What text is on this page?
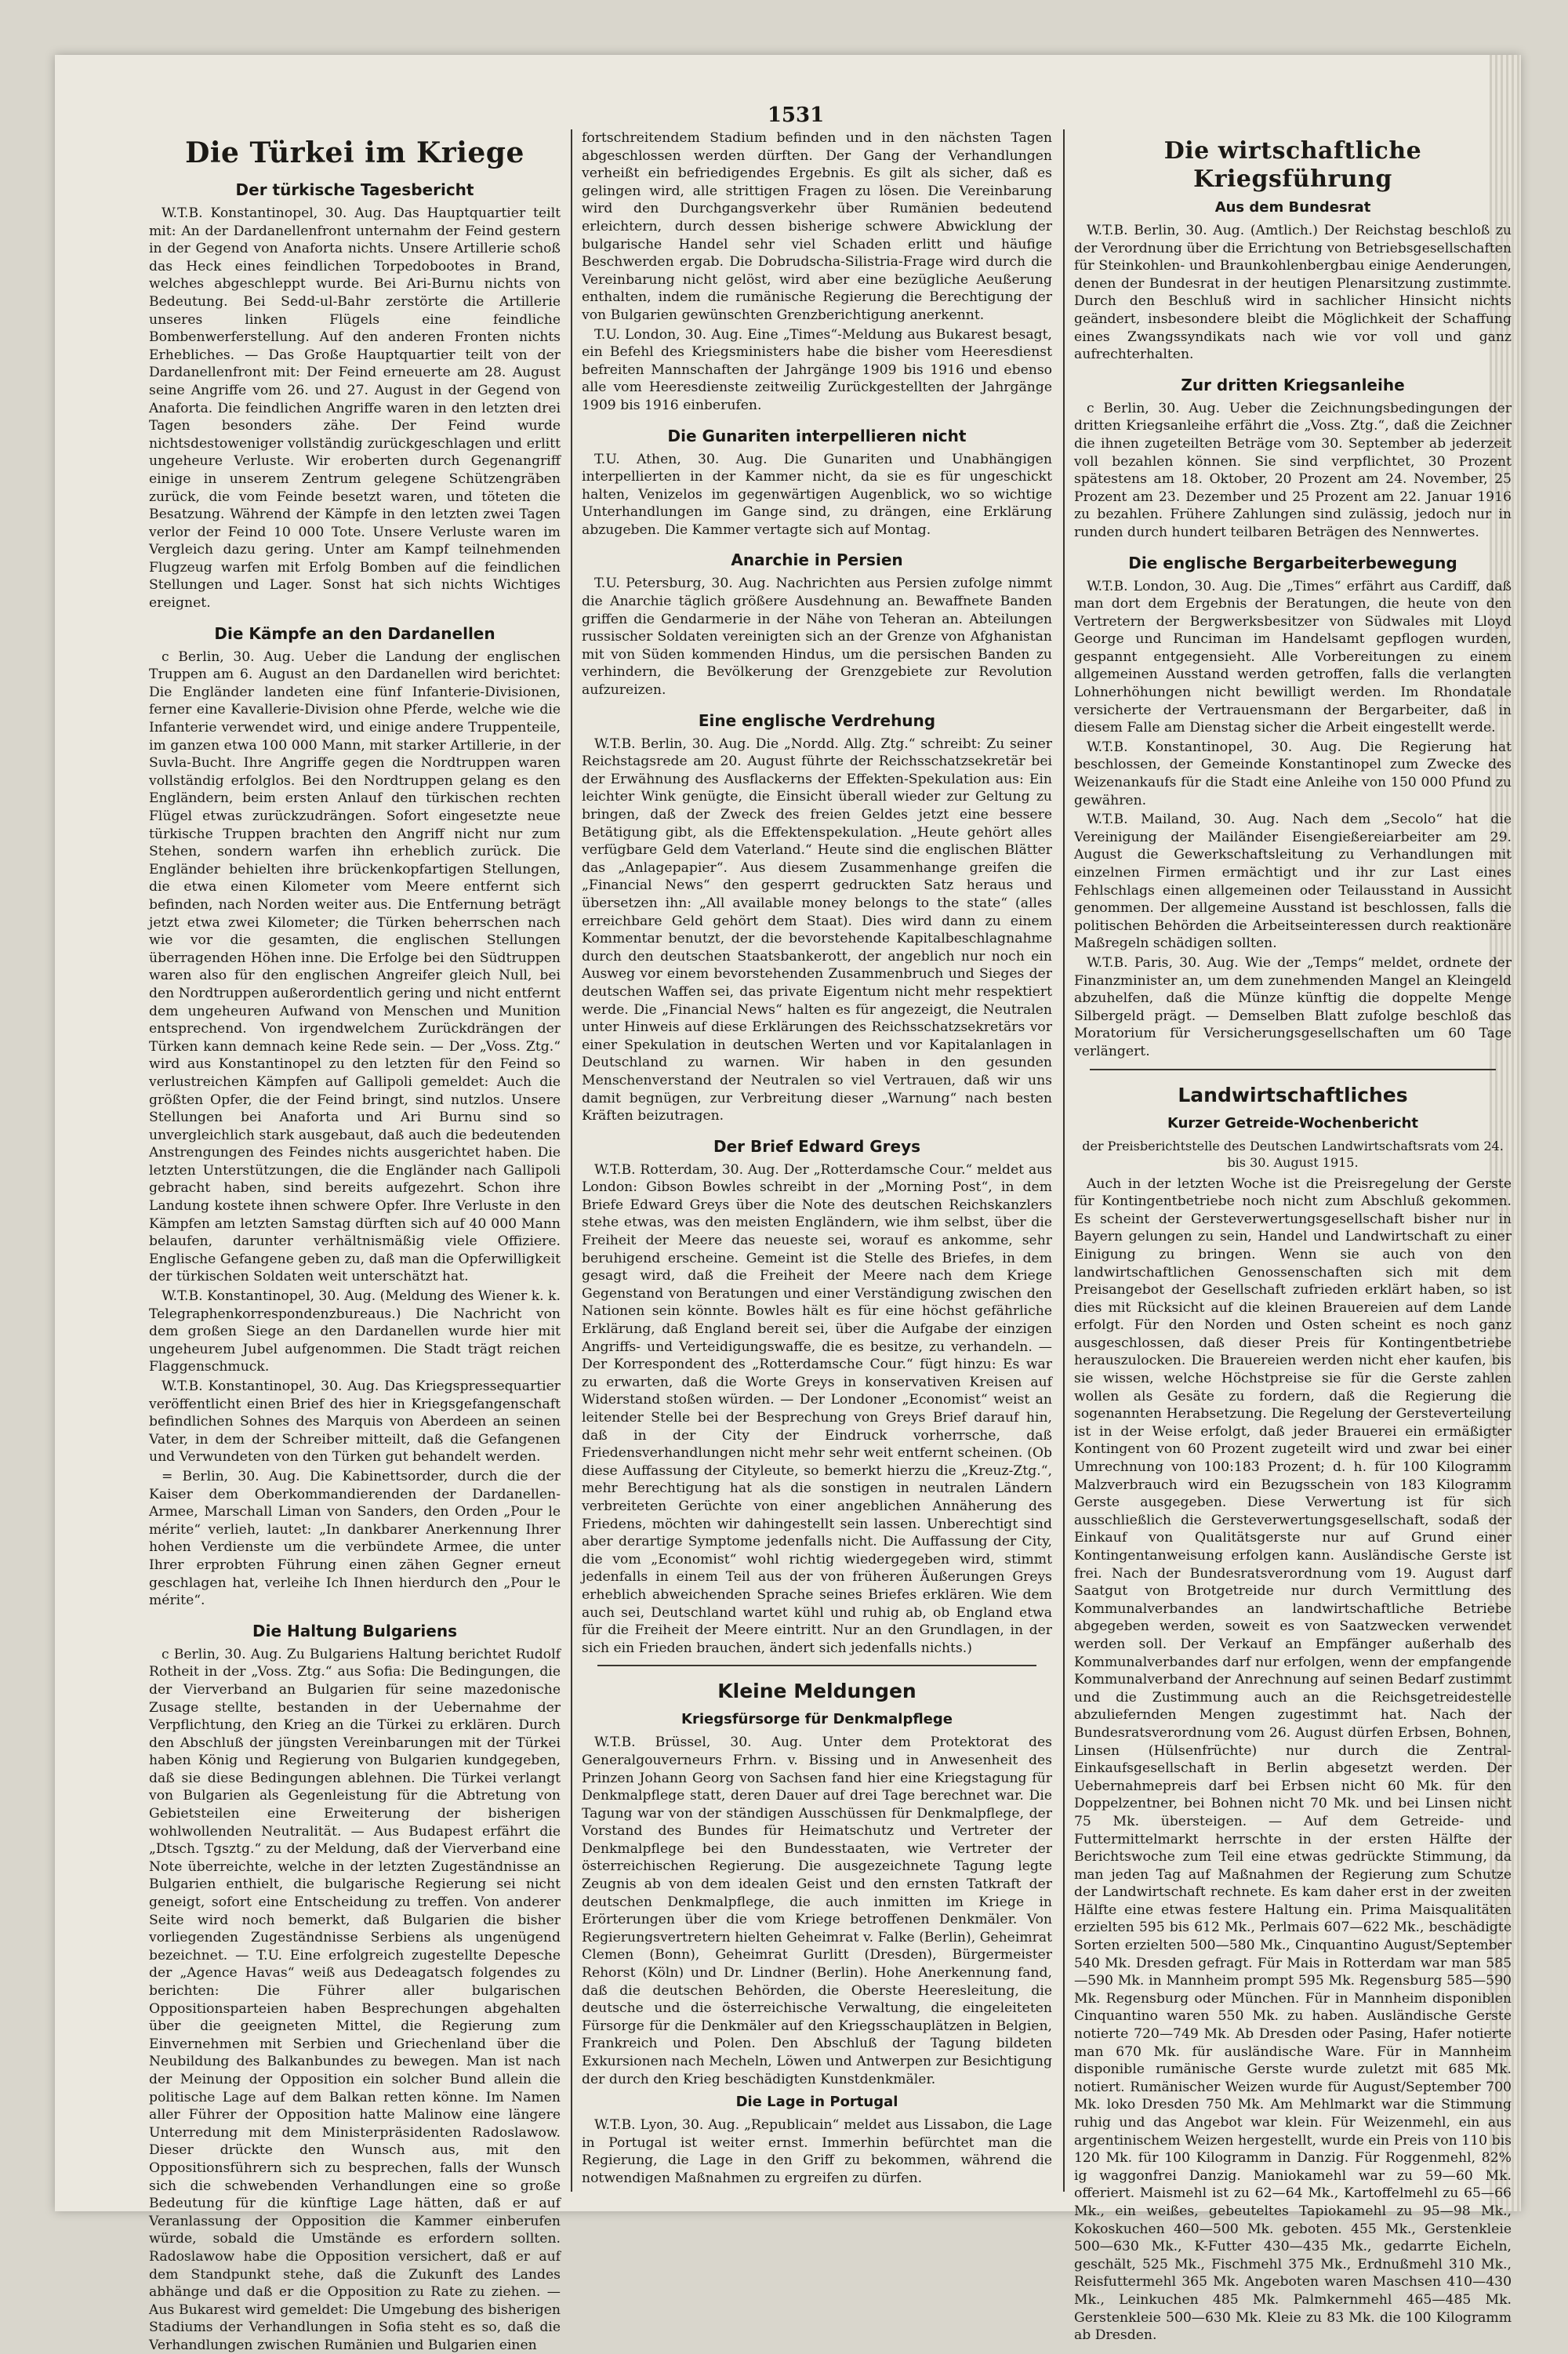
1531
Die Türkei im Kriege
Der türkische Tagesbericht

W.T.B. Konstantinopel, 30. Aug. Das Hauptquartier teilt mit: An der Dardanellenfront unternahm der Feind gestern in der Gegend von Anaforta nichts. Unsere Artillerie schoß das Heck eines feindlichen Torpedobootes in Brand, welches abgeschleppt wurde. Bei Ari-Burnu nichts von Bedeutung. Bei Sedd-ul-Bahr zerstörte die Artillerie unseres linken Flügels eine feindliche Bombenwerferstellung. Auf den anderen Fronten nichts Erhebliches. — Das Große Hauptquartier teilt von der Dardanellenfront mit: Der Feind erneuerte am 28. August seine Angriffe vom 26. und 27. August in der Gegend von Anaforta. Die feindlichen Angriffe waren in den letzten drei Tagen besonders zähe. Der Feind wurde nichtsdestoweniger vollständig zurückgeschlagen und erlitt ungeheure Verluste. Wir eroberten durch Gegenangriff einige in unserem Zentrum gelegene Schützengräben zurück, die vom Feinde besetzt waren, und töteten die Besatzung. Während der Kämpfe in den letzten zwei Tagen verlor der Feind 10 000 Tote. Unsere Verluste waren im Vergleich dazu gering. Unter am Kampf teilnehmenden Flugzeug warfen mit Erfolg Bomben auf die feindlichen Stellungen und Lager. Sonst hat sich nichts Wichtiges ereignet.

Die Kämpfe an den Dardanellen

c Berlin, 30. Aug. Ueber die Landung der englischen Truppen am 6. August an den Dardanellen wird berichtet: Die Engländer landeten eine fünf Infanterie-Divisionen, ferner eine Kavallerie-Division ohne Pferde, welche wie die Infanterie verwendet wird, und einige andere Truppenteile, im ganzen etwa 100 000 Mann, mit starker Artillerie, in der Suvla-Bucht. Ihre Angriffe gegen die Nordtruppen waren vollständig erfolglos. Bei den Nordtruppen gelang es den Engländern, beim ersten Anlauf den türkischen rechten Flügel etwas zurückzudrängen. Sofort eingesetzte neue türkische Truppen brachten den Angriff nicht nur zum Stehen, sondern warfen ihn erheblich zurück. Die Engländer behielten ihre brückenkopfartigen Stellungen, die etwa einen Kilometer vom Meere entfernt sich befinden, nach Norden weiter aus. Die Entfernung beträgt jetzt etwa zwei Kilometer; die Türken beherrschen nach wie vor die gesamten, die englischen Stellungen überragenden Höhen inne. Die Erfolge bei den Südtruppen waren also für den englischen Angreifer gleich Null, bei den Nordtruppen außerordentlich gering und nicht entfernt dem ungeheuren Aufwand von Menschen und Munition entsprechend. Von irgendwelchem Zurückdrängen der Türken kann demnach keine Rede sein. — Der „Voss. Ztg.“ wird aus Konstantinopel zu den letzten für den Feind so verlustreichen Kämpfen auf Gallipoli gemeldet: Auch die größten Opfer, die der Feind bringt, sind nutzlos. Unsere Stellungen bei Anaforta und Ari Burnu sind so unvergleichlich stark ausgebaut, daß auch die bedeutenden Anstrengungen des Feindes nichts ausgerichtet haben. Die letzten Unterstützungen, die die Engländer nach Gallipoli gebracht haben, sind bereits aufgezehrt. Schon ihre Landung kostete ihnen schwere Opfer. Ihre Verluste in den Kämpfen am letzten Samstag dürften sich auf 40 000 Mann belaufen, darunter verhältnismäßig viele Offiziere. Englische Gefangene geben zu, daß man die Opferwilligkeit der türkischen Soldaten weit unterschätzt hat.

W.T.B. Konstantinopel, 30. Aug. (Meldung des Wiener k. k. Telegraphenkorrespondenzbureaus.) Die Nachricht von dem großen Siege an den Dardanellen wurde hier mit ungeheurem Jubel aufgenommen. Die Stadt trägt reichen Flaggenschmuck.

W.T.B. Konstantinopel, 30. Aug. Das Kriegspressequartier veröffentlicht einen Brief des hier in Kriegsgefangenschaft befindlichen Sohnes des Marquis von Aberdeen an seinen Vater, in dem der Schreiber mitteilt, daß die Gefangenen und Verwundeten von den Türken gut behandelt werden.

= Berlin, 30. Aug. Die Kabinettsorder, durch die der Kaiser dem Oberkommandierenden der Dardanellen-Armee, Marschall Liman von Sanders, den Orden „Pour le mérite“ verlieh, lautet: „In dankbarer Anerkennung Ihrer hohen Verdienste um die verbündete Armee, die unter Ihrer erprobten Führung einen zähen Gegner erneut geschlagen hat, verleihe Ich Ihnen hierdurch den „Pour le mérite“.

Die Haltung Bulgariens

c Berlin, 30. Aug. Zu Bulgariens Haltung berichtet Rudolf Rotheit in der „Voss. Ztg.“ aus Sofia: Die Bedingungen, die der Vierverband an Bulgarien für seine mazedonische Zusage stellte, bestanden in der Uebernahme der Verpflichtung, den Krieg an die Türkei zu erklären. Durch den Abschluß der jüngsten Vereinbarungen mit der Türkei haben König und Regierung von Bulgarien kundgegeben, daß sie diese Bedingungen ablehnen. Die Türkei verlangt von Bulgarien als Gegenleistung für die Abtretung von Gebietsteilen eine Erweiterung der bisherigen wohlwollenden Neutralität. — Aus Budapest erfährt die „Dtsch. Tgsztg.“ zu der Meldung, daß der Vierverband eine Note überreichte, welche in der letzten Zugeständnisse an Bulgarien enthielt, die bulgarische Regierung sei nicht geneigt, sofort eine Entscheidung zu treffen. Von anderer Seite wird noch bemerkt, daß Bulgarien die bisher vorliegenden Zugeständnisse Serbiens als ungenügend bezeichnet. — T.U. Eine erfolgreich zugestellte Depesche der „Agence Havas“ weiß aus Dedeagatsch folgendes zu berichten: Die Führer aller bulgarischen Oppositionsparteien haben Besprechungen abgehalten über die geeigneten Mittel, die Regierung zum Einvernehmen mit Serbien und Griechenland über die Neubildung des Balkanbundes zu bewegen. Man ist nach der Meinung der Opposition ein solcher Bund allein die politische Lage auf dem Balkan retten könne. Im Namen aller Führer der Opposition hatte Malinow eine längere Unterredung mit dem Ministerpräsidenten Radoslawow. Dieser drückte den Wunsch aus, mit den Oppositionsführern sich zu besprechen, falls der Wunsch sich die schwebenden Verhandlungen eine so große Bedeutung für die künftige Lage hätten, daß er auf Veranlassung der Opposition die Kammer einberufen würde, sobald die Umstände es erfordern sollten. Radoslawow habe die Opposition versichert, daß er auf dem Standpunkt stehe, daß die Zukunft des Landes abhänge und daß er die Opposition zu Rate zu ziehen. — Aus Bukarest wird gemeldet: Die Umgebung des bisherigen Stadiums der Verhandlungen in Sofia steht es so, daß die Verhandlungen zwischen Rumänien und Bulgarien einen

fortschreitendem Stadium befinden und in den nächsten Tagen abgeschlossen werden dürften. Der Gang der Verhandlungen verheißt ein befriedigendes Ergebnis. Es gilt als sicher, daß es gelingen wird, alle strittigen Fragen zu lösen. Die Vereinbarung wird den Durchgangsverkehr über Rumänien bedeutend erleichtern, durch dessen bisherige schwere Abwicklung der bulgarische Handel sehr viel Schaden erlitt und häufige Beschwerden ergab. Die Dobrudscha-Silistria-Frage wird durch die Vereinbarung nicht gelöst, wird aber eine bezügliche Aeußerung enthalten, indem die rumänische Regierung die Berechtigung der von Bulgarien gewünschten Grenzberichtigung anerkennt.

T.U. London, 30. Aug. Eine „Times“-Meldung aus Bukarest besagt, ein Befehl des Kriegsministers habe die bisher vom Heeresdienst befreiten Mannschaften der Jahrgänge 1909 bis 1916 und ebenso alle vom Heeresdienste zeitweilig Zurückgestellten der Jahrgänge 1909 bis 1916 einberufen.

Die Gunariten interpellieren nicht

T.U. Athen, 30. Aug. Die Gunariten und Unabhängigen interpellierten in der Kammer nicht, da sie es für ungeschickt halten, Venizelos im gegenwärtigen Augenblick, wo so wichtige Unterhandlungen im Gange sind, zu drängen, eine Erklärung abzugeben. Die Kammer vertagte sich auf Montag.

Anarchie in Persien

T.U. Petersburg, 30. Aug. Nachrichten aus Persien zufolge nimmt die Anarchie täglich größere Ausdehnung an. Bewaffnete Banden griffen die Gendarmerie in der Nähe von Teheran an. Abteilungen russischer Soldaten vereinigten sich an der Grenze von Afghanistan mit von Süden kommenden Hindus, um die persischen Banden zu verhindern, die Bevölkerung der Grenzgebiete zur Revolution aufzureizen.

Eine englische Verdrehung

W.T.B. Berlin, 30. Aug. Die „Nordd. Allg. Ztg.“ schreibt: Zu seiner Reichstagsrede am 20. August führte der Reichsschatzsekretär bei der Erwähnung des Ausflackerns der Effekten-Spekulation aus: Ein leichter Wink genügte, die Einsicht überall wieder zur Geltung zu bringen, daß der Zweck des freien Geldes jetzt eine bessere Betätigung gibt, als die Effektenspekulation. „Heute gehört alles verfügbare Geld dem Vaterland.“ Heute sind die englischen Blätter das „Anlagepapier“. Aus diesem Zusammenhange greifen die „Financial News“ den gesperrt gedruckten Satz heraus und übersetzen ihn: „All available money belongs to the state“ (alles erreichbare Geld gehört dem Staat). Dies wird dann zu einem Kommentar benutzt, der die bevorstehende Kapitalbeschlagnahme durch den deutschen Staatsbankerott, der angeblich nur noch ein Ausweg vor einem bevorstehenden Zusammenbruch und Sieges der deutschen Waffen sei, das private Eigentum nicht mehr respektiert werde. Die „Financial News“ halten es für angezeigt, die Neutralen unter Hinweis auf diese Erklärungen des Reichsschatzsekretärs vor einer Spekulation in deutschen Werten und vor Kapitalanlagen in Deutschland zu warnen. Wir haben in den gesunden Menschenverstand der Neutralen so viel Vertrauen, daß wir uns damit begnügen, zur Verbreitung dieser „Warnung“ nach besten Kräften beizutragen.

Der Brief Edward Greys

W.T.B. Rotterdam, 30. Aug. Der „Rotterdamsche Cour.“ meldet aus London: Gibson Bowles schreibt in der „Morning Post“, in dem Briefe Edward Greys über die Note des deutschen Reichskanzlers stehe etwas, was den meisten Engländern, wie ihm selbst, über die Freiheit der Meere das neueste sei, worauf es ankomme, sehr beruhigend erscheine. Gemeint ist die Stelle des Briefes, in dem gesagt wird, daß die Freiheit der Meere nach dem Kriege Gegenstand von Beratungen und einer Verständigung zwischen den Nationen sein könnte. Bowles hält es für eine höchst gefährliche Erklärung, daß England bereit sei, über die Aufgabe der einzigen Angriffs- und Verteidigungswaffe, die es besitze, zu verhandeln. — Der Korrespondent des „Rotterdamsche Cour.“ fügt hinzu: Es war zu erwarten, daß die Worte Greys in konservativen Kreisen auf Widerstand stoßen würden. — Der Londoner „Economist“ weist an leitender Stelle bei der Besprechung von Greys Brief darauf hin, daß in der City der Eindruck vorherrsche, daß Friedensverhandlungen nicht mehr sehr weit entfernt scheinen. (Ob diese Auffassung der Cityleute, so bemerkt hierzu die „Kreuz-Ztg.“, mehr Berechtigung hat als die sonstigen in neutralen Ländern verbreiteten Gerüchte von einer angeblichen Annäherung des Friedens, möchten wir dahingestellt sein lassen. Unberechtigt sind aber derartige Symptome jedenfalls nicht. Die Auffassung der City, die vom „Economist“ wohl richtig wiedergegeben wird, stimmt jedenfalls in einem Teil aus der von früheren Äußerungen Greys erheblich abweichenden Sprache seines Briefes erklären. Wie dem auch sei, Deutschland wartet kühl und ruhig ab, ob England etwa für die Freiheit der Meere eintritt. Nur an den Grundlagen, in der sich ein Frieden brauchen, ändert sich jedenfalls nichts.)

Kleine Meldungen
Kriegsfürsorge für Denkmalpflege

W.T.B. Brüssel, 30. Aug. Unter dem Protektorat des Generalgouverneurs Frhrn. v. Bissing und in Anwesenheit des Prinzen Johann Georg von Sachsen fand hier eine Kriegstagung für Denkmalpflege statt, deren Dauer auf drei Tage berechnet war. Die Tagung war von der ständigen Ausschüssen für Denkmalpflege, der Vorstand des Bundes für Heimatschutz und Vertreter der Denkmalpflege bei den Bundesstaaten, wie Vertreter der österreichischen Regierung. Die ausgezeichnete Tagung legte Zeugnis ab von dem idealen Geist und den ernsten Tatkraft der deutschen Denkmalpflege, die auch inmitten im Kriege in Erörterungen über die vom Kriege betroffenen Denkmäler. Von Regierungsvertretern hielten Geheimrat v. Falke (Berlin), Geheimrat Clemen (Bonn), Geheimrat Gurlitt (Dresden), Bürgermeister Rehorst (Köln) und Dr. Lindner (Berlin). Hohe Anerkennung fand, daß die deutschen Behörden, die Oberste Heeresleitung, die deutsche und die österreichische Verwaltung, die eingeleiteten Fürsorge für die Denkmäler auf den Kriegsschauplätzen in Belgien, Frankreich und Polen. Den Abschluß der Tagung bildeten Exkursionen nach Mecheln, Löwen und Antwerpen zur Besichtigung der durch den Krieg beschädigten Kunstdenkmäler.

Die Lage in Portugal

W.T.B. Lyon, 30. Aug. „Republicain“ meldet aus Lissabon, die Lage in Portugal ist weiter ernst. Immerhin befürchtet man die Regierung, die Lage in den Griff zu bekommen, während die notwendigen Maßnahmen zu ergreifen zu dürfen.

Die wirtschaftliche Kriegsführung
Aus dem Bundesrat

W.T.B. Berlin, 30. Aug. (Amtlich.) Der Reichstag beschloß zu der Verordnung über die Errichtung von Betriebsgesellschaften für Steinkohlen- und Braunkohlenbergbau einige Aenderungen, denen der Bundesrat in der heutigen Plenarsitzung zustimmte. Durch den Beschluß wird in sachlicher Hinsicht nichts geändert, insbesondere bleibt die Möglichkeit der Schaffung eines Zwangssyndikats nach wie vor voll und ganz aufrechterhalten.

Zur dritten Kriegsanleihe

c Berlin, 30. Aug. Ueber die Zeichnungsbedingungen der dritten Kriegsanleihe erfährt die „Voss. Ztg.“, daß die Zeichner die ihnen zugeteilten Beträge vom 30. September ab jederzeit voll bezahlen können. Sie sind verpflichtet, 30 Prozent spätestens am 18. Oktober, 20 Prozent am 24. November, 25 Prozent am 23. Dezember und 25 Prozent am 22. Januar 1916 zu bezahlen. Frühere Zahlungen sind zulässig, jedoch nur in runden durch hundert teilbaren Beträgen des Nennwertes.

Die englische Bergarbeiterbewegung

W.T.B. London, 30. Aug. Die „Times“ erfährt aus Cardiff, daß man dort dem Ergebnis der Beratungen, die heute von den Vertretern der Bergwerksbesitzer von Südwales mit Lloyd George und Runciman im Handelsamt gepflogen wurden, gespannt entgegensieht. Alle Vorbereitungen zu einem allgemeinen Ausstand werden getroffen, falls die verlangten Lohnerhöhungen nicht bewilligt werden. Im Rhondatale versicherte der Vertrauensmann der Bergarbeiter, daß in diesem Falle am Dienstag sicher die Arbeit eingestellt werde.

W.T.B. Konstantinopel, 30. Aug. Die Regierung hat beschlossen, der Gemeinde Konstantinopel zum Zwecke des Weizenankaufs für die Stadt eine Anleihe von 150 000 Pfund zu gewähren.

W.T.B. Mailand, 30. Aug. Nach dem „Secolo“ hat die Vereinigung der Mailänder Eisengießereiarbeiter am 29. August die Gewerkschaftsleitung zu Verhandlungen mit einzelnen Firmen ermächtigt und ihr zur Last eines Fehlschlags einen allgemeinen oder Teilausstand in Aussicht genommen. Der allgemeine Ausstand ist beschlossen, falls die politischen Behörden die Arbeitseinteressen durch reaktionäre Maßregeln schädigen sollten.

W.T.B. Paris, 30. Aug. Wie der „Temps“ meldet, ordnete der Finanzminister an, um dem zunehmenden Mangel an Kleingeld abzuhelfen, daß die Münze künftig die doppelte Menge Silbergeld prägt. — Demselben Blatt zufolge beschloß das Moratorium für Versicherungsgesellschaften um 60 Tage verlängert.

Landwirtschaftliches
Kurzer Getreide-Wochenbericht
der Preisberichtstelle des Deutschen Landwirtschaftsrats vom 24. bis 30. August 1915.

Auch in der letzten Woche ist die Preisregelung der Gerste für Kontingentbetriebe noch nicht zum Abschluß gekommen. Es scheint der Gersteverwertungsgesellschaft bisher nur in Bayern gelungen zu sein, Handel und Landwirtschaft zu einer Einigung zu bringen. Wenn sie auch von den landwirtschaftlichen Genossenschaften sich mit dem Preisangebot der Gesellschaft zufrieden erklärt haben, so ist dies mit Rücksicht auf die kleinen Brauereien auf dem Lande erfolgt. Für den Norden und Osten scheint es noch ganz ausgeschlossen, daß dieser Preis für Kontingentbetriebe herauszulocken. Die Brauereien werden nicht eher kaufen, bis sie wissen, welche Höchstpreise sie für die Gerste zahlen wollen als Gesäte zu fordern, daß die Regierung die sogenannten Herabsetzung. Die Regelung der Gersteverteilung ist in der Weise erfolgt, daß jeder Brauerei ein ermäßigter Kontingent von 60 Prozent zugeteilt wird und zwar bei einer Umrechnung von 100:183 Prozent; d. h. für 100 Kilogramm Malzverbrauch wird ein Bezugsschein von 183 Kilogramm Gerste ausgegeben. Diese Verwertung ist für sich ausschließlich die Gersteverwertungsgesellschaft, sodaß der Einkauf von Qualitätsgerste nur auf Grund einer Kontingentanweisung erfolgen kann. Ausländische Gerste ist frei. Nach der Bundesratsverordnung vom 19. August darf Saatgut von Brotgetreide nur durch Vermittlung des Kommunalverbandes an landwirtschaftliche Betriebe abgegeben werden, soweit es von Saatzwecken verwendet werden soll. Der Verkauf an Empfänger außerhalb des Kommunalverbandes darf nur erfolgen, wenn der empfangende Kommunalverband der Anrechnung auf seinen Bedarf zustimmt und die Zustimmung auch an die Reichsgetreidestelle abzuliefernden Mengen zugestimmt hat. Nach der Bundesratsverordnung vom 26. August dürfen Erbsen, Bohnen, Linsen (Hülsenfrüchte) nur durch die Zentral-Einkaufsgesellschaft in Berlin abgesetzt werden. Der Uebernahmepreis darf bei Erbsen nicht 60 Mk. für den Doppelzentner, bei Bohnen nicht 70 Mk. und bei Linsen nicht 75 Mk. übersteigen. — Auf dem Getreide- und Futtermittelmarkt herrschte in der ersten Hälfte der Berichtswoche zum Teil eine etwas gedrückte Stimmung, da man jeden Tag auf Maßnahmen der Regierung zum Schutze der Landwirtschaft rechnete. Es kam daher erst in der zweiten Hälfte eine etwas festere Haltung ein. Prima Maisqualitäten erzielten 595 bis 612 Mk., Perlmais 607—622 Mk., beschädigte Sorten erzielten 500—580 Mk., Cinquantino August/September 540 Mk. Dresden gefragt. Für Mais in Rotterdam war man 585—590 Mk. in Mannheim prompt 595 Mk. Regensburg 585—590 Mk. Regensburg oder München. Für in Mannheim disponiblen Cinquantino waren 550 Mk. zu haben. Ausländische Gerste notierte 720—749 Mk. Ab Dresden oder Pasing, Hafer notierte man 670 Mk. für ausländische Ware. Für in Mannheim disponible rumänische Gerste wurde zuletzt mit 685 Mk. notiert. Rumänischer Weizen wurde für August/September 700 Mk. loko Dresden 750 Mk. Am Mehlmarkt war die Stimmung ruhig und das Angebot war klein. Für Weizenmehl, ein aus argentinischem Weizen hergestellt, wurde ein Preis von 110 bis 120 Mk. für 100 Kilogramm in Danzig. Für Roggenmehl, 82% ig waggonfrei Danzig. Maniokamehl war zu 59—60 Mk. offeriert. Maismehl ist zu 62—64 Mk., Kartoffelmehl zu 65—66 Mk., ein weißes, gebeuteltes Tapiokamehl zu 95—98 Mk., Kokoskuchen 460—500 Mk. geboten. 455 Mk., Gerstenkleie 500—630 Mk., K-Futter 430—435 Mk., gedarrte Eicheln, geschält, 525 Mk., Fischmehl 375 Mk., Erdnußmehl 310 Mk., Reisfuttermehl 365 Mk. Angeboten waren Maschsen 410—430 Mk., Leinkuchen 485 Mk. Palmkernmehl 465—485 Mk. Gerstenkleie 500—630 Mk. Kleie zu 83 Mk. die 100 Kilogramm ab Dresden.
